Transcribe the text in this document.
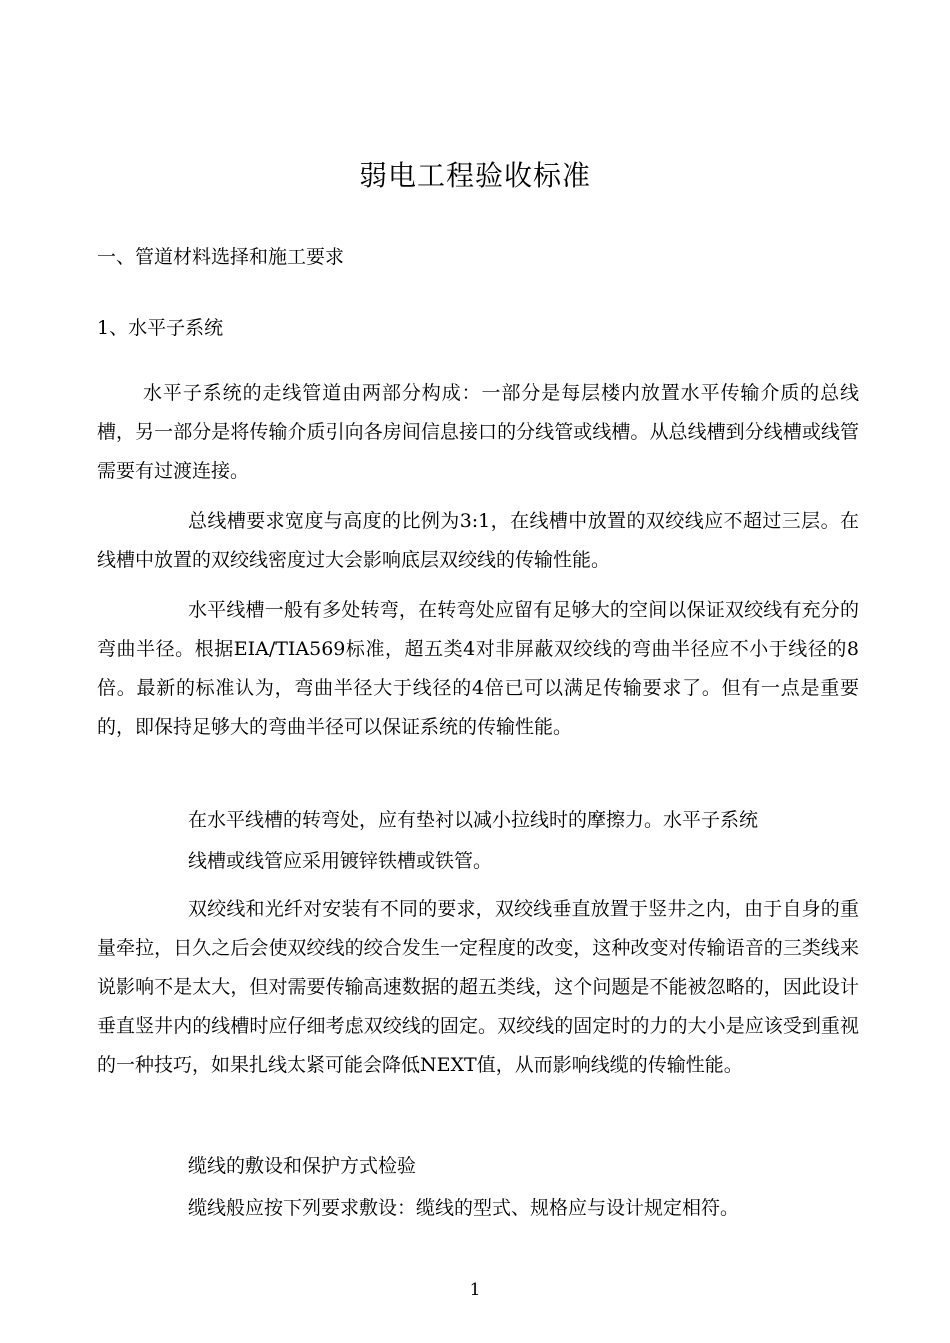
弱电工程验收标准
一、管道材料选择和施工要求
1、水平子系统

水平子系统的走线管道由两部分构成：一部分是每层楼内放置水平传输介质的总线槽，另一部分是将传输介质引向各房间信息接口的分线管或线槽。从总线槽到分线槽或线管需要有过渡连接。

总线槽要求宽度与高度的比例为3:1，在线槽中放置的双绞线应不超过三层。在线槽中放置的双绞线密度过大会影响底层双绞线的传输性能。

水平线槽一般有多处转弯，在转弯处应留有足够大的空间以保证双绞线有充分的弯曲半径。根据EIA/TIA569标准，超五类4对非屏蔽双绞线的弯曲半径应不小于线径的8倍。最新的标准认为，弯曲半径大于线径的4倍已可以满足传输要求了。但有一点是重要的，即保持足够大的弯曲半径可以保证系统的传输性能。

在水平线槽的转弯处，应有垫衬以减小拉线时的摩擦力。水平子系统
线槽或线管应采用镀锌铁槽或铁管。

双绞线和光纤对安装有不同的要求，双绞线垂直放置于竖井之内，由于自身的重量牵拉，日久之后会使双绞线的绞合发生一定程度的改变，这种改变对传输语音的三类线来说影响不是太大，但对需要传输高速数据的超五类线，这个问题是不能被忽略的，因此设计垂直竖井内的线槽时应仔细考虑双绞线的固定。双绞线的固定时的力的大小是应该受到重视的一种技巧，如果扎线太紧可能会降低NEXT值，从而影响线缆的传输性能。

缆线的敷设和保护方式检验
缆线般应按下列要求敷设：缆线的型式、规格应与设计规定相符。
1
